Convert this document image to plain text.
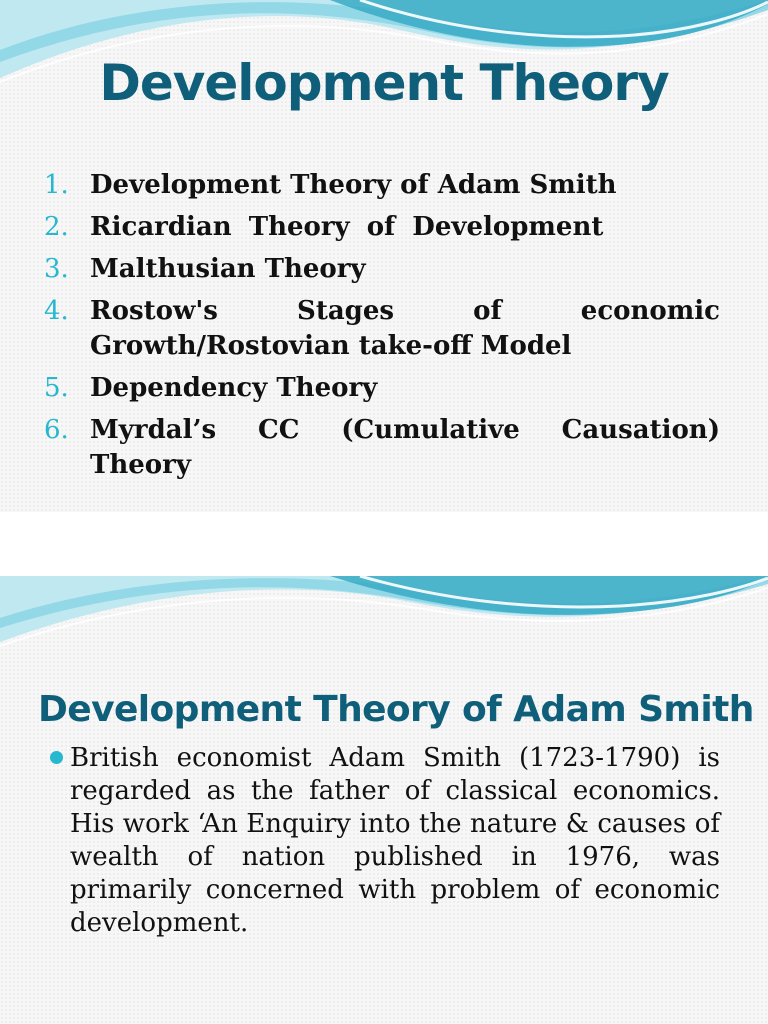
Development Theory
1. Development Theory of Adam Smith
2. Ricardian Theory of Development
3. Malthusian Theory
4. Rostow's Stages of economic Growth/Rostovian take-off Model
5. Dependency Theory
6. Myrdal’s CC (Cumulative Causation) Theory
Development Theory of Adam Smith

British economist Adam Smith (1723-1790) is regarded as the father of classical economics. His work ‘An Enquiry into the nature & causes of wealth of nation published in 1976, was primarily concerned with problem of economic development.
